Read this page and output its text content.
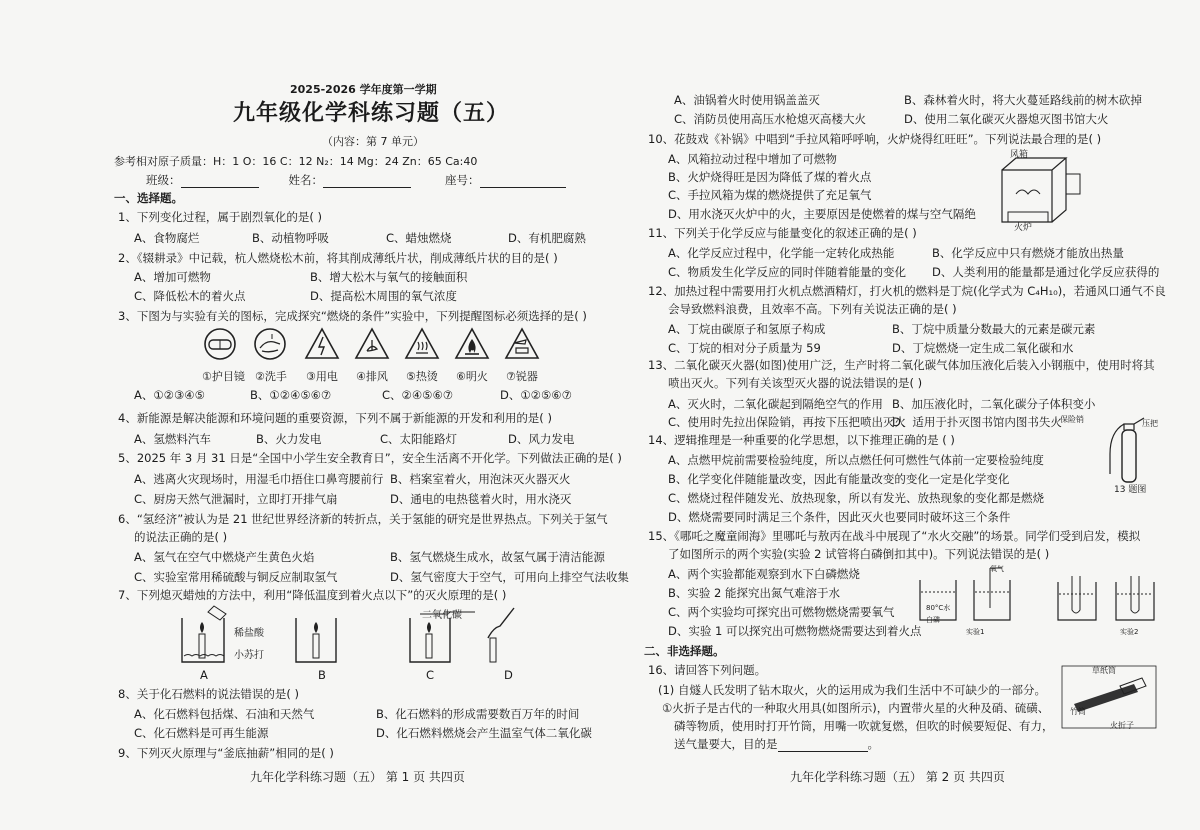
2025-2026 学年度第一学期
九年级化学科练习题（五）
（内容：第 7 单元）
参考相对原子质量：H：1 O：16 C：12 N₂：14 Mg：24 Zn：65 Ca:40
班级：	姓名：	座号：
一、选择题。
1、下列变化过程，属于剧烈氧化的是( )
A、食物腐烂	B、动植物呼吸	C、蜡烛燃烧	D、有机肥腐熟
2、《辍耕录》中记载，杭人燃烧松木前，将其削成薄纸片状，削成薄纸片状的目的是( )
A、增加可燃物	B、增大松木与氧气的接触面积
C、降低松木的着火点	D、提高松木周围的氧气浓度
3、下图为与实验有关的图标，完成探究“燃烧的条件”实验中，下列提醒图标必须选择的是( )
①护目镜 ②洗手 ③用电 ④排风 ⑤热烫 ⑥明火 ⑦锐器
A、①②③④⑤	B、①②④⑤⑥⑦	C、②④⑤⑥⑦	D、①②⑤⑥⑦
4、新能源是解决能源和环境问题的重要资源，下列不属于新能源的开发和利用的是( )
A、氢燃料汽车	B、火力发电	C、太阳能路灯	D、风力发电
5、2025 年 3 月 31 日是“全国中小学生安全教育日”，安全生活离不开化学。下列做法正确的是( )
A、逃离火灾现场时，用湿毛巾捂住口鼻弯腰前行 B、档案室着火，用泡沫灭火器灭火
C、厨房天然气泄漏时，立即打开排气扇	D、通电的电热毯着火时，用水浇灭
6、“氢经济”被认为是 21 世纪世界经济新的转折点，关于氢能的研究是世界热点。下列关于氢气
的说法正确的是( )
A、氢气在空气中燃烧产生黄色火焰	B、氢气燃烧生成水，故氢气属于清洁能源
C、实验室常用稀硫酸与铜反应制取氢气	D、氢气密度大于空气，可用向上排空气法收集
7、下列熄灭蜡烛的方法中，利用“降低温度到着火点以下”的灭火原理的是( )
稀盐酸
小苏打
二氧化碳
A	B	C	D
8、关于化石燃料的说法错误的是( )
A、化石燃料包括煤、石油和天然气	B、化石燃料的形成需要数百万年的时间
C、化石燃料是可再生能源	D、化石燃料燃烧会产生温室气体二氧化碳
9、下列灭火原理与“釜底抽薪”相同的是( )
九年化学科练习题（五） 第 1 页 共四页
A、油锅着火时使用锅盖盖灭	B、森林着火时，将大火蔓延路线前的树木砍掉
C、消防员使用高压水枪熄灭高楼大火	D、使用二氧化碳灭火器熄灭图书馆大火
10、花鼓戏《补锅》中唱到“手拉风箱呼呼响，火炉烧得红旺旺”。下列说法最合理的是( )
A、风箱拉动过程中增加了可燃物
B、火炉烧得旺是因为降低了煤的着火点
C、手拉风箱为煤的燃烧提供了充足氧气
D、用水浇灭火炉中的火，主要原因是使燃着的煤与空气隔绝
风箱
火炉
11、下列关于化学反应与能量变化的叙述正确的是( )
A、化学反应过程中，化学能一定转化成热能	B、化学反应中只有燃烧才能放出热量
C、物质发生化学反应的同时伴随着能量的变化 D、人类利用的能量都是通过化学反应获得的
12、加热过程中需要用打火机点燃酒精灯，打火机的燃料是丁烷(化学式为 C₄H₁₀)，若通风口通气不良
会导致燃料浪费，且效率不高。下列有关说法正确的是( )
A、丁烷由碳原子和氢原子构成	B、丁烷中质量分数最大的元素是碳元素
C、丁烷的相对分子质量为 59	D、丁烷燃烧一定生成二氧化碳和水
13、二氧化碳灭火器(如图)使用广泛，生产时将二氧化碳气体加压液化后装入小钢瓶中，使用时将其
喷出灭火。下列有关该型灭火器的说法错误的是( )
A、灭火时，二氧化碳起到隔绝空气的作用 B、加压液化时，二氧化碳分子体积变小
C、使用时先拉出保险销，再按下压把喷出灭火
D、适用于扑灭图书馆内图书失火
保险销	压把
13 题图
14、逻辑推理是一种重要的化学思想，以下推理正确的是 ( )
A、点燃甲烷前需要检验纯度，所以点燃任何可燃性气体前一定要检验纯度
B、化学变化伴随能量改变，因此有能量改变的变化一定是化学变化
C、燃烧过程伴随发光、放热现象，所以有发光、放热现象的变化都是燃烧
D、燃烧需要同时满足三个条件，因此灭火也要同时破坏这三个条件
15、《哪吒之魔童闹海》里哪吒与敖丙在战斗中展现了“水火交融”的场景。同学们受到启发，模拟
了如图所示的两个实验(实验 2 试管将白磷倒扣其中)。下列说法错误的是( )
A、两个实验都能观察到水下白磷燃烧
B、实验 2 能探究出氮气难溶于水
C、两个实验均可探究出可燃物燃烧需要氧气
D、实验 1 可以探究出可燃物燃烧需要达到着火点
氧气
80°C水
白磷
实验1	实验2
二、非选择题。
16、请回答下列问题。
(1) 自燧人氏发明了钻木取火，火的运用成为我们生活中不可缺少的一部分。
①火折子是古代的一种取火用具(如图所示)，内置带火星的火种及硝、硫磺、
磷等物质，使用时打开竹筒，用嘴一吹就复燃，但吹的时候要短促、有力，
送气量要大，目的是	。
草纸筒
竹筒
火折子
九年化学科练习题（五） 第 2 页 共四页
